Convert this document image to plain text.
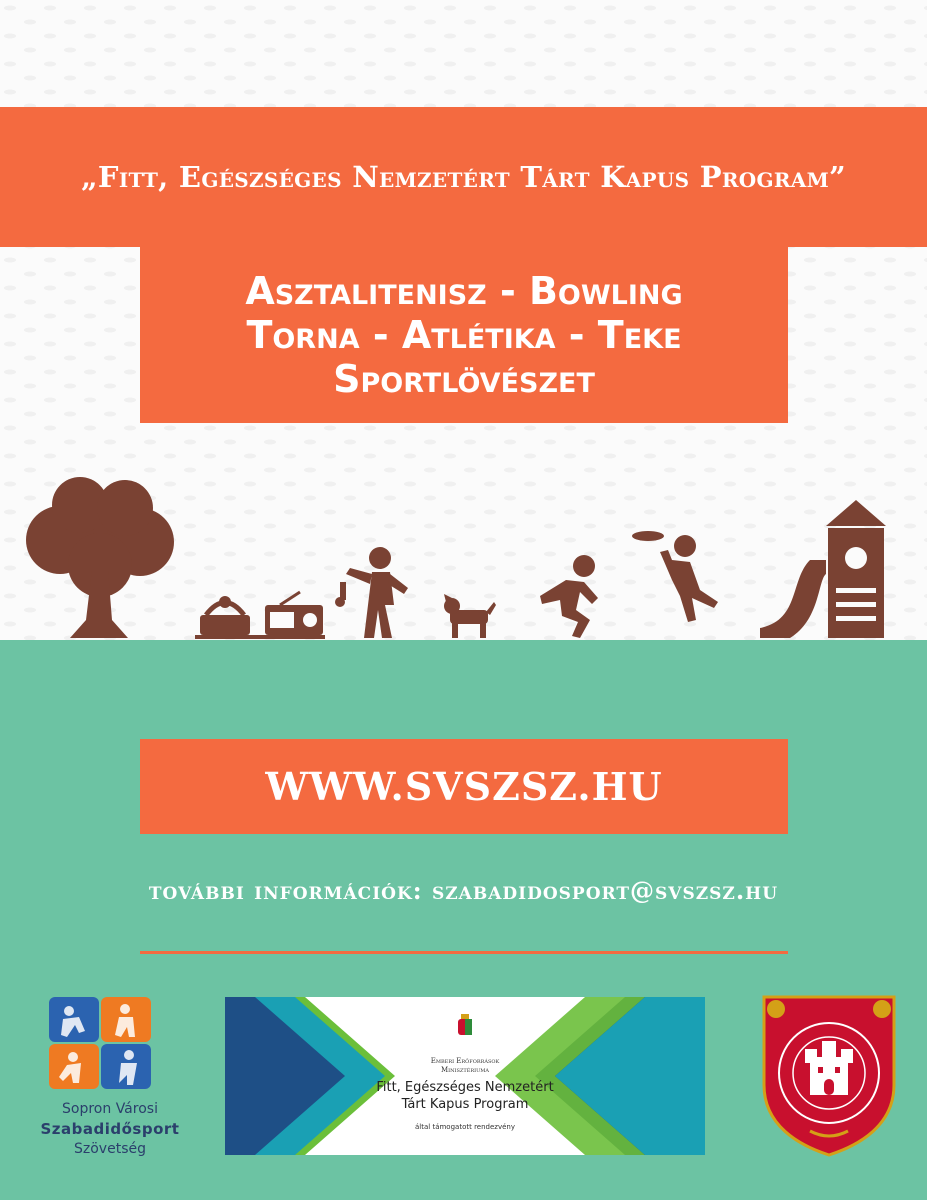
„Fitt, Egészséges Nemzetért Tárt Kapus Program”
Asztalitenisz - Bowling
Torna - Atlétika - Teke
Sportlövészet
WWW.SVSZSZ.HU
további információk: szabadidosport@svszsz.hu
Sopron Városi
Szabadidősport
Szövetség
Emberi Erőforrások
Minisztériuma
Fitt, Egészséges Nemzetért
Tárt Kapus Program
által támogatott rendezvény
